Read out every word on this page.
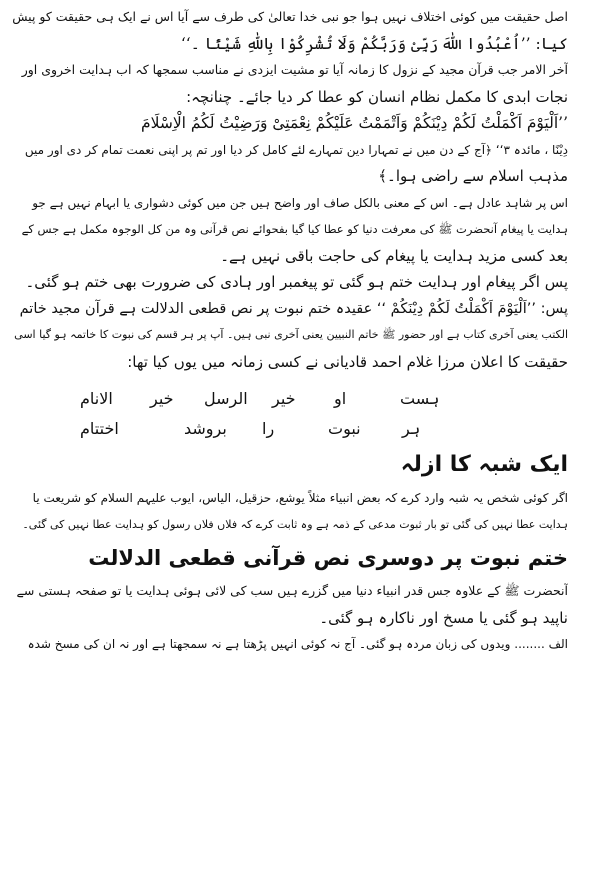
اصل حقیقت میں کوئی اختلاف نہیں ہوا جو نبی خدا تعالیٰ کی طرف سے آیا اس نے ایک ہی حقیقت کو پیش
کیا: ’’اُعْبُدُوا اللّٰهَ رَبِّىْ وَرَبَّكُمْ وَلَا تُشْرِكُوْا بِاللّٰهِ شَيْئًا ۔‘‘
آخر الامر جب قرآن مجید کے نزول کا زمانہ آیا تو مشیت ایزدی نے مناسب سمجھا کہ اب ہدایت اخروی اور
نجات ابدی کا مکمل نظام انسان کو عطا کر دیا جائے۔ چنانچہ:
’’اَلْيَوْمَ اَكْمَلْتُ لَكُمْ دِيْنَكُمْ وَاَتْمَمْتُ عَلَيْكُمْ نِعْمَتِىْ وَرَضِيْتُ لَكُمُ الْاِسْلَامَ
دِيْنًا ، مائدہ ۳‘‘ ﴿آج کے دن میں نے تمہارا دین تمہارے لئے کامل کر دیا اور تم پر اپنی نعمت تمام کر دی اور میں
مذہب اسلام سے راضی ہوا۔﴾
اس پر شاہد عادل ہے۔ اس کے معنی بالکل صاف اور واضح ہیں جن میں کوئی دشواری یا ابہام نہیں ہے جو
ہدایت یا پیغام آنحضرت ﷺ کی معرفت دنیا کو عطا کیا گیا بفحوائے نص قرآنی وہ من کل الوجوہ مکمل ہے جس کے
بعد کسی مزید ہدایت یا پیغام کی حاجت باقی نہیں ہے۔
پس اگر پیغام اور ہدایت ختم ہو گئی تو پیغمبر اور ہادی کی ضرورت بھی ختم ہو گئی۔
پس: ’’اَلْيَوْمَ اَكْمَلْتُ لَكُمْ دِيْنَكُمْ ‘‘ عقیدہ ختم نبوت پر نص قطعی الدلالت ہے قرآن مجید خاتم
الکتب یعنی آخری کتاب ہے اور حضور ﷺ خاتم النبیین یعنی آخری نبی ہیں۔ آپ پر ہر قسم کی نبوت کا خاتمہ ہو گیا اسی
حقیقت کا اعلان مرزا غلام احمد قادیانی نے کسی زمانہ میں یوں کیا تھا:
ہست
او
خیر
الرسل
خیر
الانام
ہر
نبوت
را
بروشد
اختتام
ایک شبہ کا ازلہ
اگر کوئی شخص یہ شبہ وارد کرے کہ بعض انبیاء مثلاً یوشع، حزقیل، الیاس، ایوب علیہم السلام کو شریعت یا
ہدایت عطا نہیں کی گئی تو بار ثبوت مدعی کے ذمہ ہے وہ ثابت کرے کہ فلاں فلاں رسول کو ہدایت عطا نہیں کی گئی۔
ختم نبوت پر دوسری نص قرآنی قطعی الدلالت
آنحضرت ﷺ کے علاوہ جس قدر انبیاء دنیا میں گزرے ہیں سب کی لائی ہوئی ہدایت یا تو صفحہ ہستی سے
ناپید ہو گئی یا مسخ اور ناکارہ ہو گئی۔
الف ........ ویدوں کی زبان مردہ ہو گئی۔ آج نہ کوئی انہیں پڑھتا ہے نہ سمجھتا ہے اور نہ ان کی مسخ شدہ
